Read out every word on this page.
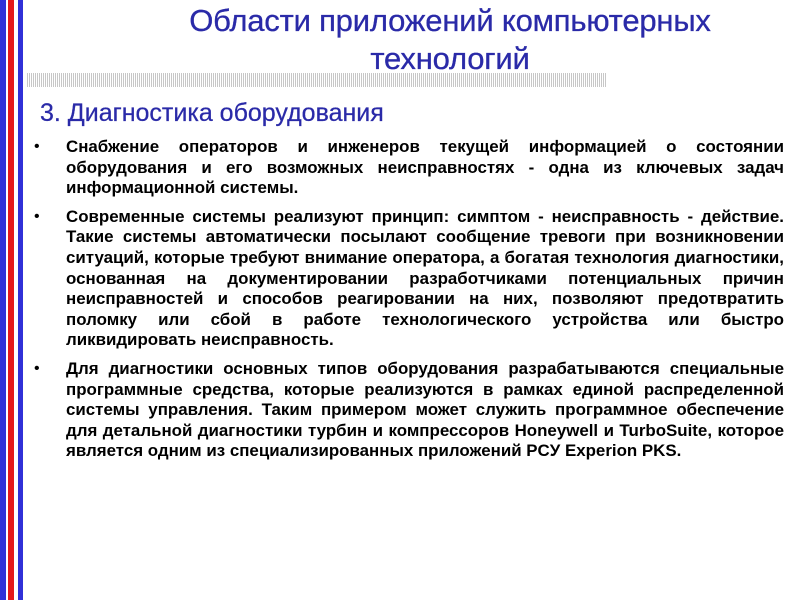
Области приложений компьютерных
технологий
3. Диагностика оборудования
• Снабжение операторов и инженеров текущей информацией о состоянии оборудования и его возможных неисправностях - одна из ключевых задач информационной системы.
• Современные системы реализуют принцип: симптом - неисправность - действие. Такие системы автоматически посылают сообщение тревоги при возникновении ситуаций, которые требуют внимание оператора, а богатая технология диагностики, основанная на документировании разработчиками потенциальных причин неисправностей и способов реагировании на них, позволяют предотвратить поломку или сбой в работе технологического устройства или быстро ликвидировать неисправность.
• Для диагностики основных типов оборудования разрабатываются специальные программные средства, которые реализуются в рамках единой распределенной системы управления. Таким примером может служить программное обеспечение для детальной диагностики турбин и компрессоров Honeywell и TurboSuite, которое является одним из специализированных приложений PCУ Experion PKS.
